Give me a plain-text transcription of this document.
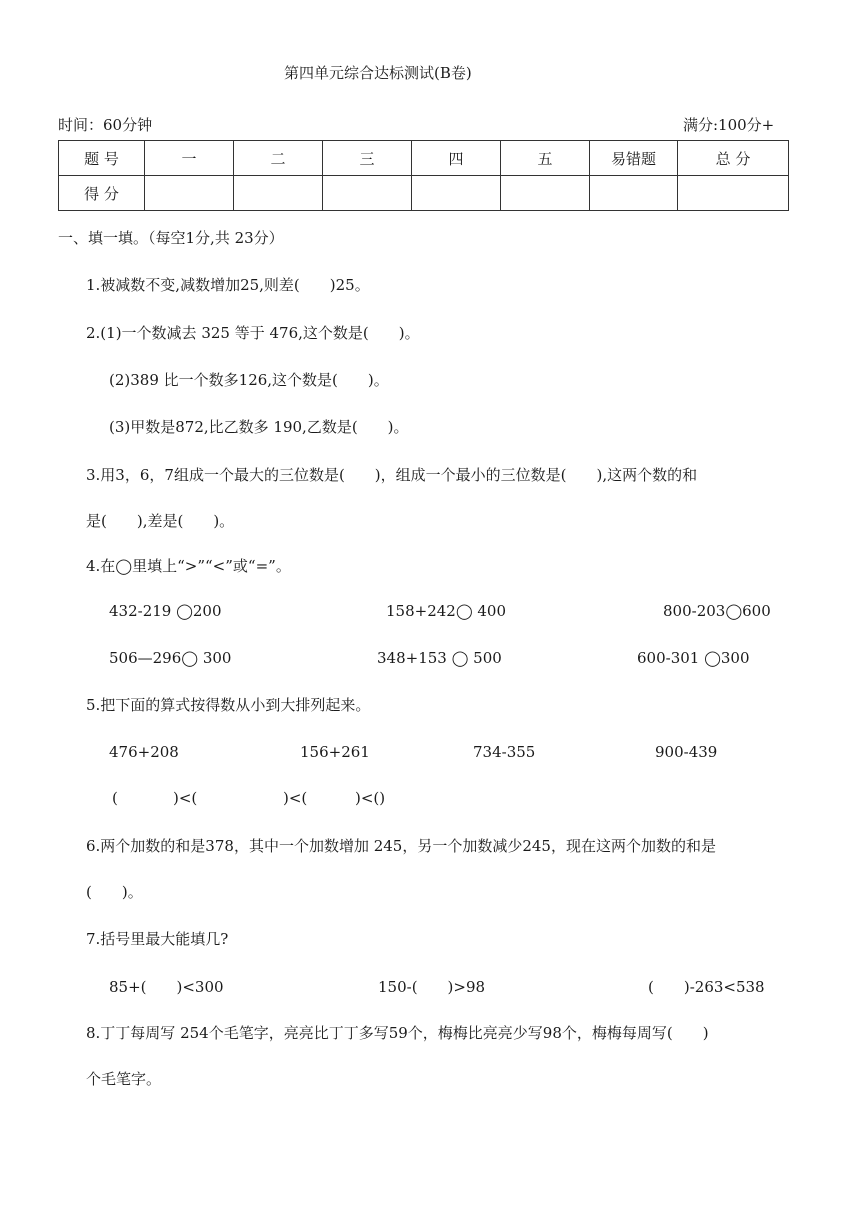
第四单元综合达标测试(B卷)
时间：60分钟	满分:100分+
题 号	一	二	三	四	五	易错题	总 分
得 分							
一、填一填。（每空1分,共 23分）
1.被减数不变,减数增加25,则差(　　)25。
2.(1)一个数减去 325 等于 476,这个数是(　　)。
(2)389 比一个数多126,这个数是(　　)。
(3)甲数是872,比乙数多 190,乙数是(　　)。
3.用3，6，7组成一个最大的三位数是(　　)，组成一个最小的三位数是(　　),这两个数的和
是(　　),差是(　　)。
4.在◯里填上“>”“<”或“=”。
432-219 ◯200	158+242◯ 400	800-203◯600
506—296◯ 300	348+153 ◯ 500	600-301 ◯300
5.把下面的算式按得数从小到大排列起来。
476+208	156+261	734-355	900-439
(	)<(	)<(	)<()
6.两个加数的和是378，其中一个加数增加 245，另一个加数减少245，现在这两个加数的和是
(　　)。
7.括号里最大能填几?
85+(　　)<300	150-(　　)>98	(　　)-263<538
8.丁丁每周写 254个毛笔字，亮亮比丁丁多写59个，梅梅比亮亮少写98个，梅梅每周写(　　)
个毛笔字。
